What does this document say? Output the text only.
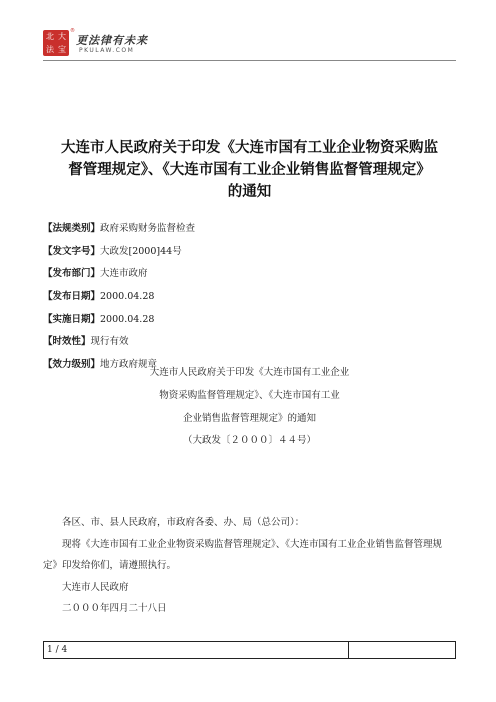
北 大
法 宝
®
更法律有未来
PKULAW.COM
大连市人民政府关于印发《大连市国有工业企业物资采购监
督管理规定》、《大连市国有工业企业销售监督管理规定》
的通知
【法规类别】政府采购财务监督检查
【发文字号】大政发[2000]44号
【发布部门】大连市政府
【发布日期】2000.04.28
【实施日期】2000.04.28
【时效性】现行有效
【效力级别】地方政府规章
大连市人民政府关于印发《大连市国有工业企业
物资采购监督管理规定》、《大连市国有工业
企业销售监督管理规定》的通知
（大政发〔２０００〕４４号）

各区、市、县人民政府，市政府各委、办、局（总公司）：

现将《大连市国有工业企业物资采购监督管理规定》、《大连市国有工业企业销售监督管理规定》印发给你们，请遵照执行。

大连市人民政府

二０００年四月二十八日

1 / 4
